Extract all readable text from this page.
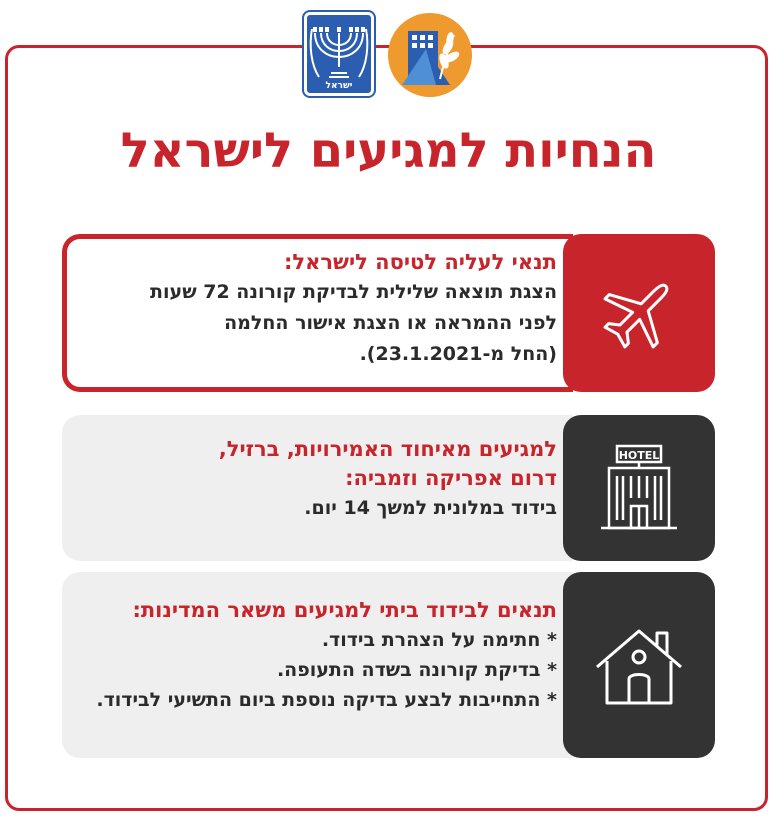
ישראל
הנחיות למגיעים לישראל
תנאי לעליה לטיסה לישראל:
הצגת תוצאה שלילית לבדיקת קורונה 72 שעות
לפני ההמראה או הצגת אישור החלמה
(החל מ-23.1.2021).
למגיעים מאיחוד האמירויות, ברזיל,
דרום אפריקה וזמביה:
בידוד במלונית למשך 14 יום.
HOTEL
תנאים לבידוד ביתי למגיעים משאר המדינות:
* חתימה על הצהרת בידוד.
* בדיקת קורונה בשדה התעופה.
* התחייבות לבצע בדיקה נוספת ביום התשיעי לבידוד.
